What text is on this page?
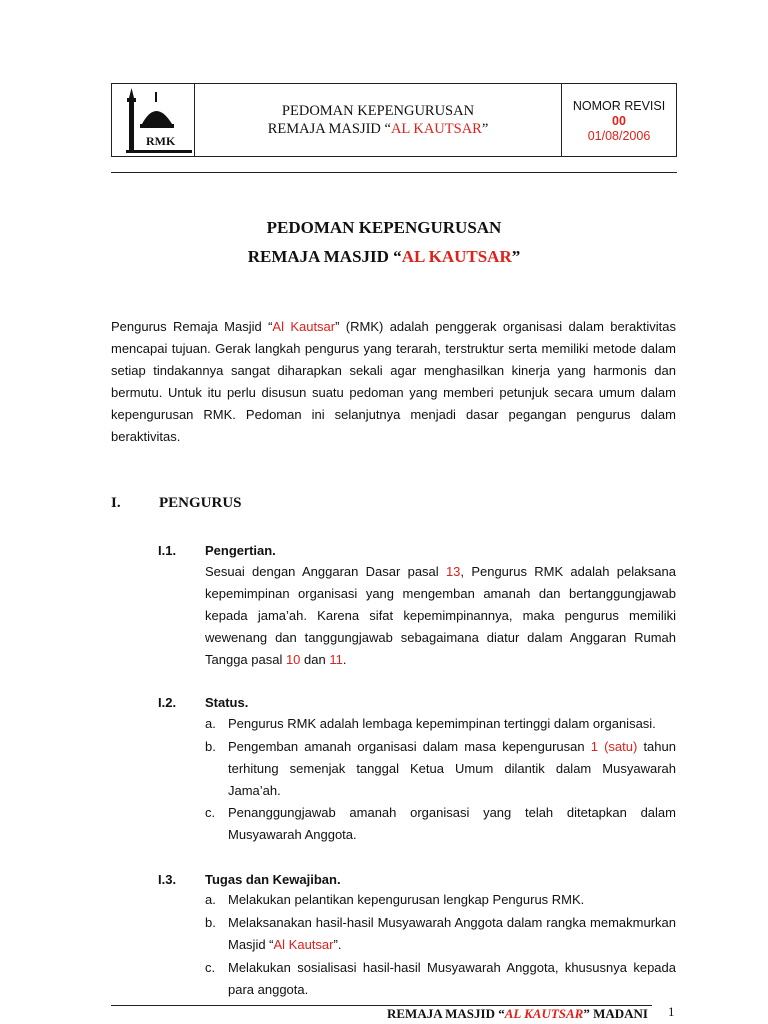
RMK
PEDOMAN KEPENGURUSAN
REMAJA MASJID “AL KAUTSAR”
NOMOR REVISI
00
01/08/2006
PEDOMAN KEPENGURUSAN
REMAJA MASJID “AL KAUTSAR”
Pengurus Remaja Masjid “Al Kautsar” (RMK) adalah penggerak organisasi dalam beraktivitas
mencapai tujuan. Gerak langkah pengurus yang terarah, terstruktur serta memiliki metode dalam
setiap tindakannya sangat diharapkan sekali agar menghasilkan kinerja yang harmonis dan
bermutu. Untuk itu perlu disusun suatu pedoman yang memberi petunjuk secara umum dalam
kepengurusan RMK. Pedoman ini selanjutnya menjadi dasar pegangan pengurus dalam
beraktivitas.
I.	PENGURUS
I.1. Pengertian.
Sesuai dengan Anggaran Dasar pasal 13, Pengurus RMK adalah pelaksana
kepemimpinan organisasi yang mengemban amanah dan bertanggungjawab
kepada jama’ah. Karena sifat kepemimpinannya, maka pengurus memiliki
wewenang dan tanggungjawab sebagaimana diatur dalam Anggaran Rumah
Tangga pasal 10 dan 11.
I.2. Status.
a. Pengurus RMK adalah lembaga kepemimpinan tertinggi dalam organisasi.
b. Pengemban amanah organisasi dalam masa kepengurusan 1 (satu) tahun
terhitung semenjak tanggal Ketua Umum dilantik dalam Musyawarah
Jama’ah.
c. Penanggungjawab amanah organisasi yang telah ditetapkan dalam
Musyawarah Anggota.
I.3. Tugas dan Kewajiban.
a. Melakukan pelantikan kepengurusan lengkap Pengurus RMK.
b. Melaksanakan hasil-hasil Musyawarah Anggota dalam rangka memakmurkan
Masjid “Al Kautsar”.
c. Melakukan sosialisasi hasil-hasil Musyawarah Anggota, khususnya kepada
para anggota.
REMAJA MASJID “AL KAUTSAR” MADANI 1
